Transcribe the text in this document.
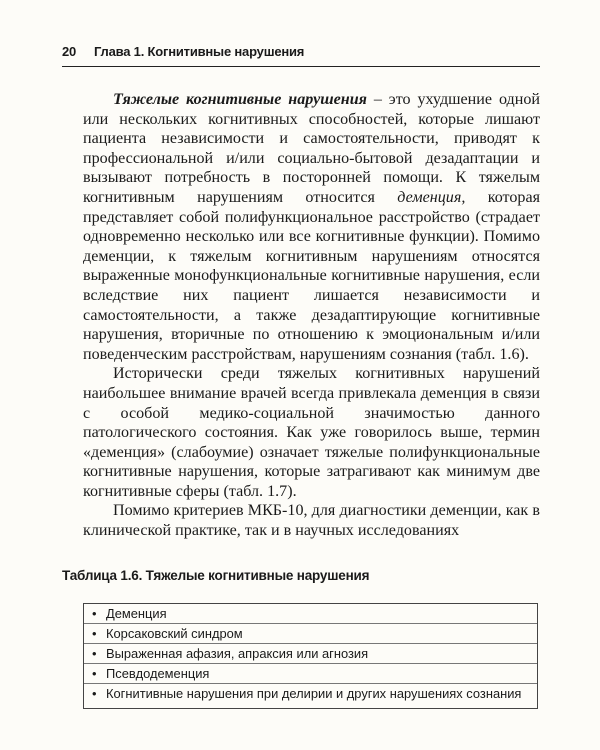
20 Глава 1. Когнитивные нарушения

Тяжелые когнитивные нарушения – это ухудшение одной или нескольких когнитивных способностей, которые лишают пациента независимости и самостоятельности, приводят к профессиональной и/или социально-бытовой дезадаптации и вызывают потребность в посторонней помощи. К тяжелым когнитивным нарушениям относится деменция, которая представляет собой полифункциональное расстройство (страдает одновременно несколько или все когнитивные функции). Помимо деменции, к тяжелым когнитивным нарушениям относятся выраженные монофункциональные когнитивные нарушения, если вследствие них пациент лишается независимости и самостоятельности, а также дезадаптирующие когнитивные нарушения, вторичные по отношению к эмоциональным и/или поведенческим расстройствам, нарушениям сознания (табл. 1.6).

Исторически среди тяжелых когнитивных нарушений наибольшее внимание врачей всегда привлекала деменция в связи с особой медико-социальной значимостью данного патологического состояния. Как уже говорилось выше, термин «деменция» (слабоумие) означает тяжелые полифункциональные когнитивные нарушения, которые затрагивают как минимум две когнитивные сферы (табл. 1.7).

Помимо критериев МКБ-10, для диагностики деменции, как в клинической практике, так и в научных исследованиях

Таблица 1.6. Тяжелые когнитивные нарушения
• Деменция
• Корсаковский синдром
• Выраженная афазия, апраксия или агнозия
• Псевдодеменция
• Когнитивные нарушения при делирии и других нарушениях сознания
